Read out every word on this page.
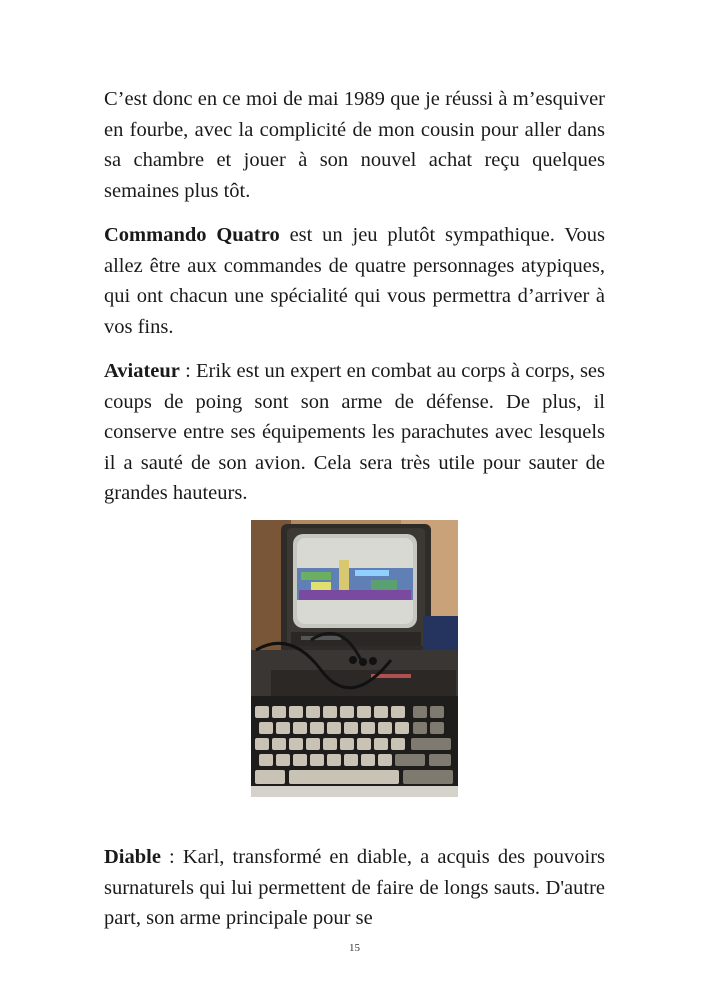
C’est donc en ce moi de mai 1989 que je réussi à m’esquiver en fourbe, avec la complicité de mon cousin pour aller dans sa chambre et jouer à son nouvel achat reçu quelques semaines plus tôt.

Commando Quatro est un jeu plutôt sympathique. Vous allez être aux commandes de quatre personnages atypiques, qui ont chacun une spécialité qui vous permettra d’arriver à vos fins.

Aviateur : Erik est un expert en combat au corps à corps, ses coups de poing sont son arme de défense. De plus, il conserve entre ses équipements les parachutes avec lesquels il a sauté de son avion. Cela sera très utile pour sauter de grandes hauteurs.

Diable : Karl, transformé en diable, a acquis des pouvoirs surnaturels qui lui permettent de faire de longs sauts. D'autre part, son arme principale pour se

15
